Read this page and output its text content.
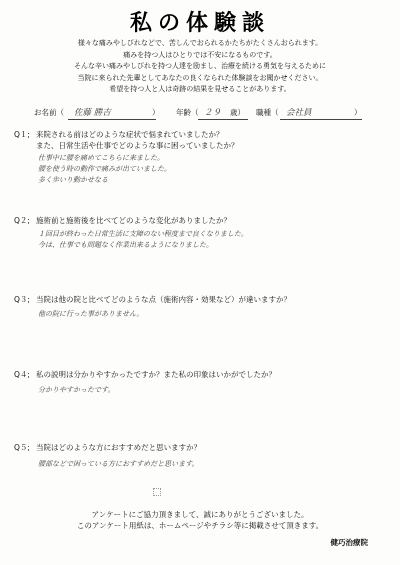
私の体験談
様々な痛みやしびれなどで、苦しんでおられるかたちがたくさんおられます。
痛みを持つ人はひとりでは不安になるものです。
そんな辛い痛みやしびれを持つ人達を励まし、治療を続ける勇気を与えるために
当院に来られた先輩としてあなたの良くなられた体験談をお聞かせください。
希望を持つ人と人は奇跡の結果を見せることがあります。
お名前（ 佐藤 勝吉	） 年齢（ ２９ 歳） 職種（ 会社員	）
Q１; 来院される前はどのような症状で悩まれていましたか？
また、日常生活や仕事でどのような事に困っていましたか？
仕事中に腰を痛めてこちらに来ました。
腰を使う時の動作で痛みが出ていました。
多く歩いり動かせなる
Q２; 施術前と施術後を比べてどのような変化がありましたか？
１回目が終わった日常生活に支障のない程度まで良くなりました。
今は、仕事でも問題なく作業出来るようになりました。
Q３; 当院は他の院と比べてどのような点（施術内容・効果など）が違いますか？
他の院に行った事がありません。
Q４; 私の説明は分かりやすかったですか？また私の印象はいかがでしたか？
分かりやすかったです。
Q５; 当院はどのような方におすすめだと思いますか？
腰部などで困っている方におすすめだと思います。
アンケートにご協力頂きまして、誠にありがとうございました。
このアンケート用紙は、ホームページやチラシ等に掲載させて頂きます。
健巧治療院
